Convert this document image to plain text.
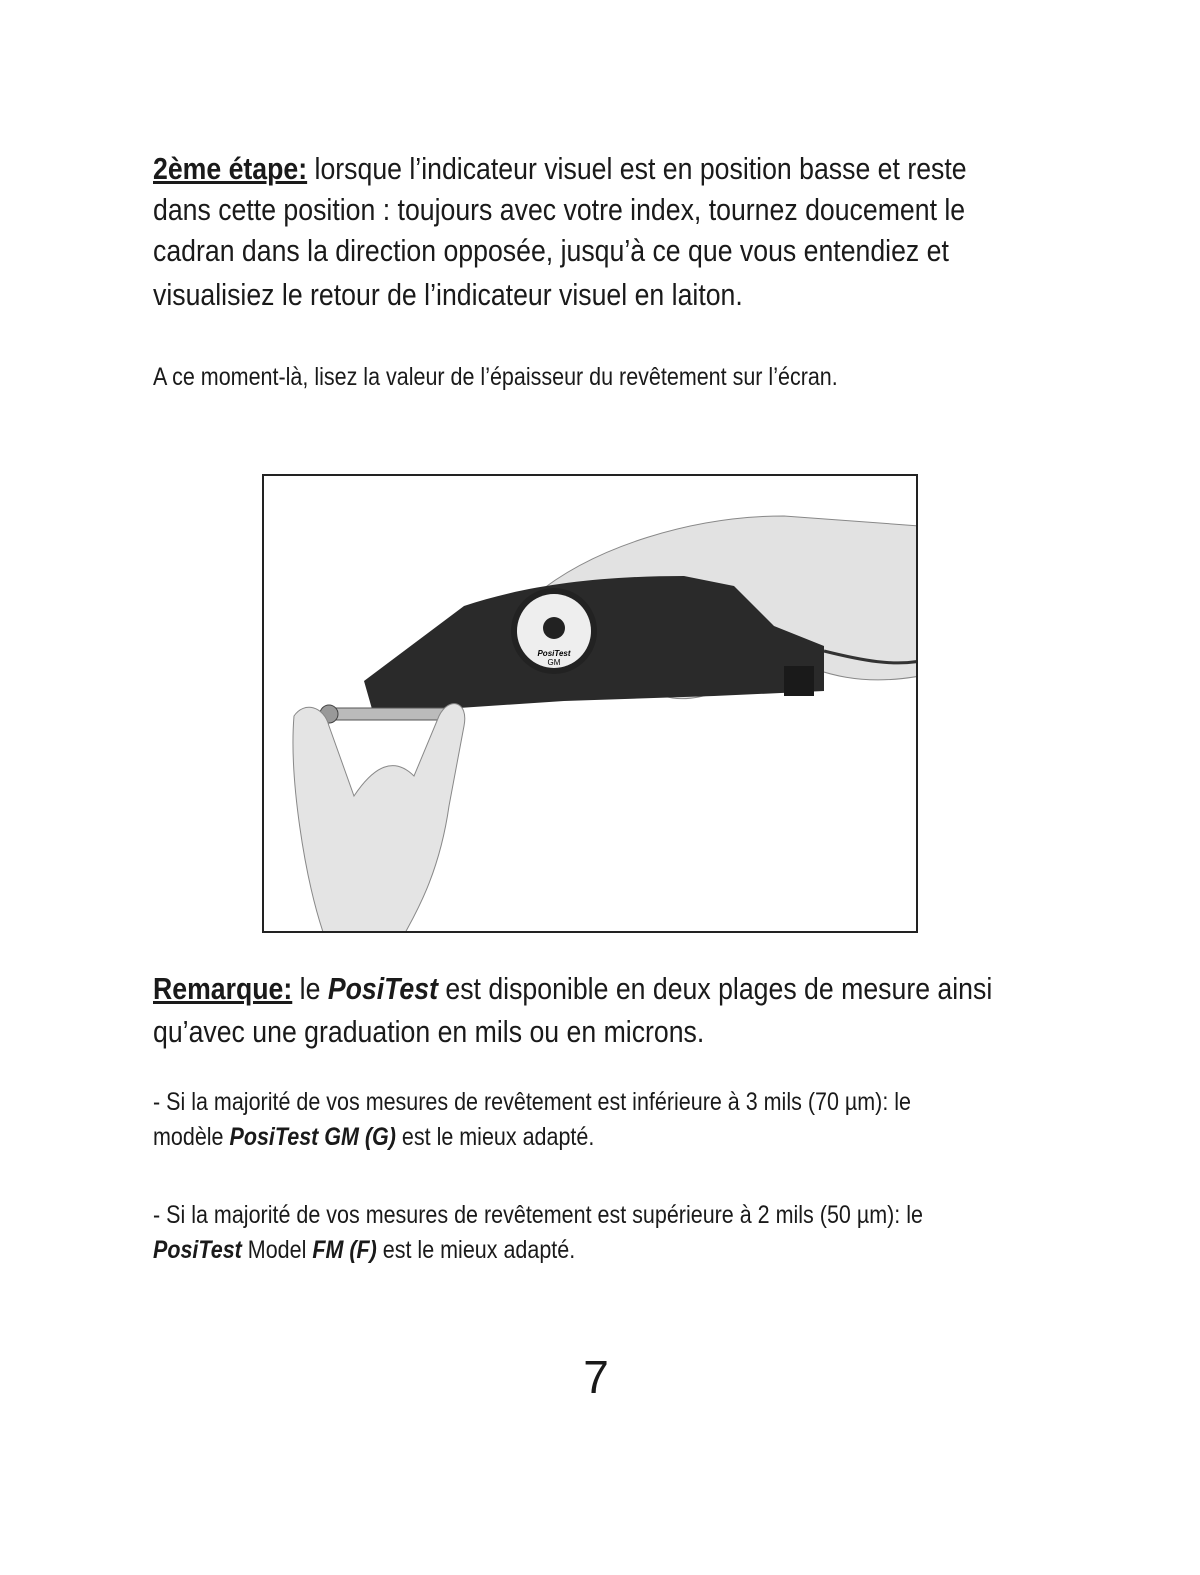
2ème étape: lorsque l’indicateur visuel est en position basse et reste
dans cette position : toujours avec votre index, tournez doucement le
cadran dans la direction opposée, jusqu’à ce que vous entendiez et
visualisiez le retour de l’indicateur visuel en laiton.
A ce moment-là, lisez la valeur de l’épaisseur du revêtement sur l’écran.
PosiTest
GM
Remarque: le PosiTest est disponible en deux plages de mesure ainsi
qu’avec une graduation en mils ou en microns.
- Si la majorité de vos mesures de revêtement est inférieure à 3 mils (70 µm): le
modèle PosiTest GM (G) est le mieux adapté.
- Si la majorité de vos mesures de revêtement est supérieure à 2 mils (50 µm): le
PosiTest Model FM (F) est le mieux adapté.
7
